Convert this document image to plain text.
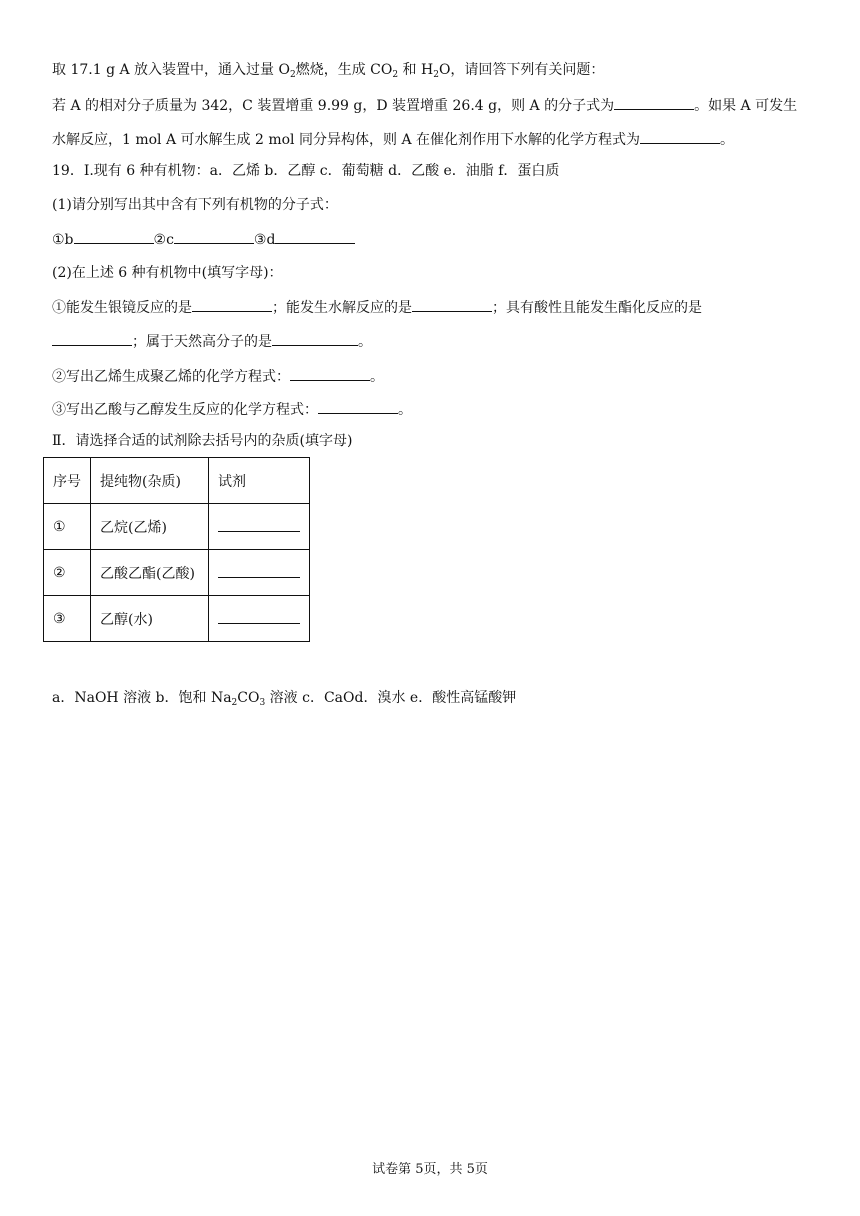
取 17.1 g A 放入装置中，通入过量 $O_2$燃烧，生成 $CO_2$ 和 $H_2O$，请回答下列有关问题：
若 A 的相对分子质量为 342，C 装置增重 9.99 g，D 装置增重 26.4 g，则 A 的分子式为	。如果 A 可发生
水解反应，1 mol A 可水解生成 2 mol 同分异构体，则 A 在催化剂作用下水解的化学方程式为	。
19．Ⅰ.现有 6 种有机物：a．乙烯 b．乙醇 c．葡萄糖 d．乙酸 e．油脂 f．蛋白质
(1)请分别写出其中含有下列有机物的分子式：
①b	②c	③d
(2)在上述 6 种有机物中(填写字母)：
①能发生银镜反应的是	；能发生水解反应的是	；具有酸性且能发生酯化反应的是
；属于天然高分子的是	。
②写出乙烯生成聚乙烯的化学方程式：	。
③写出乙酸与乙醇发生反应的化学方程式：	。
Ⅱ．请选择合适的试剂除去括号内的杂质(填字母)
序号	提纯物(杂质)	试剂
①	乙烷(乙烯)	
②	乙酸乙酯(乙酸)	
③	乙醇(水)	
a．NaOH 溶液 b．饱和 $Na_2CO_3$ 溶液 c．CaOd．溴水 e．酸性高锰酸钾
试卷第 5页，共 5页
